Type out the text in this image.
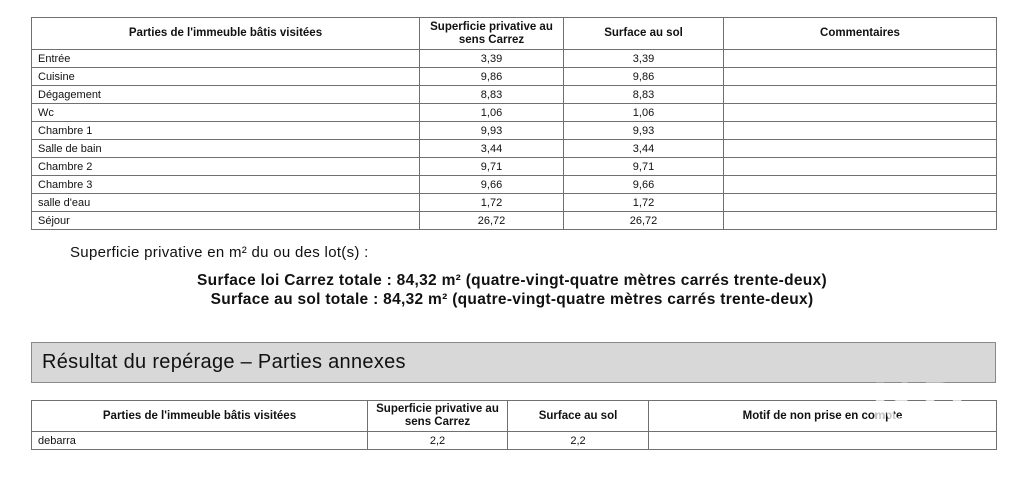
Parties de l'immeuble bâtis visitées	Superficie privative au sens Carrez	Surface au sol	Commentaires
Entrée	3,39	3,39	
Cuisine	9,86	9,86	
Dégagement	8,83	8,83	
Wc	1,06	1,06	
Chambre 1	9,93	9,93	
Salle de bain	3,44	3,44	
Chambre 2	9,71	9,71	
Chambre 3	9,66	9,66	
salle d'eau	1,72	1,72	
Séjour	26,72	26,72	
Superficie privative en m² du ou des lot(s) :
Surface loi Carrez totale : 84,32 m² (quatre-vingt-quatre mètres carrés trente-deux)
Surface au sol totale : 84,32 m² (quatre-vingt-quatre mètres carrés trente-deux)
Résultat du repérage – Parties annexes
Parties de l'immeuble bâtis visitées	Superficie privative au sens Carrez	Surface au sol	Motif de non prise en compte
debarra	2,2	2,2	
I&D
